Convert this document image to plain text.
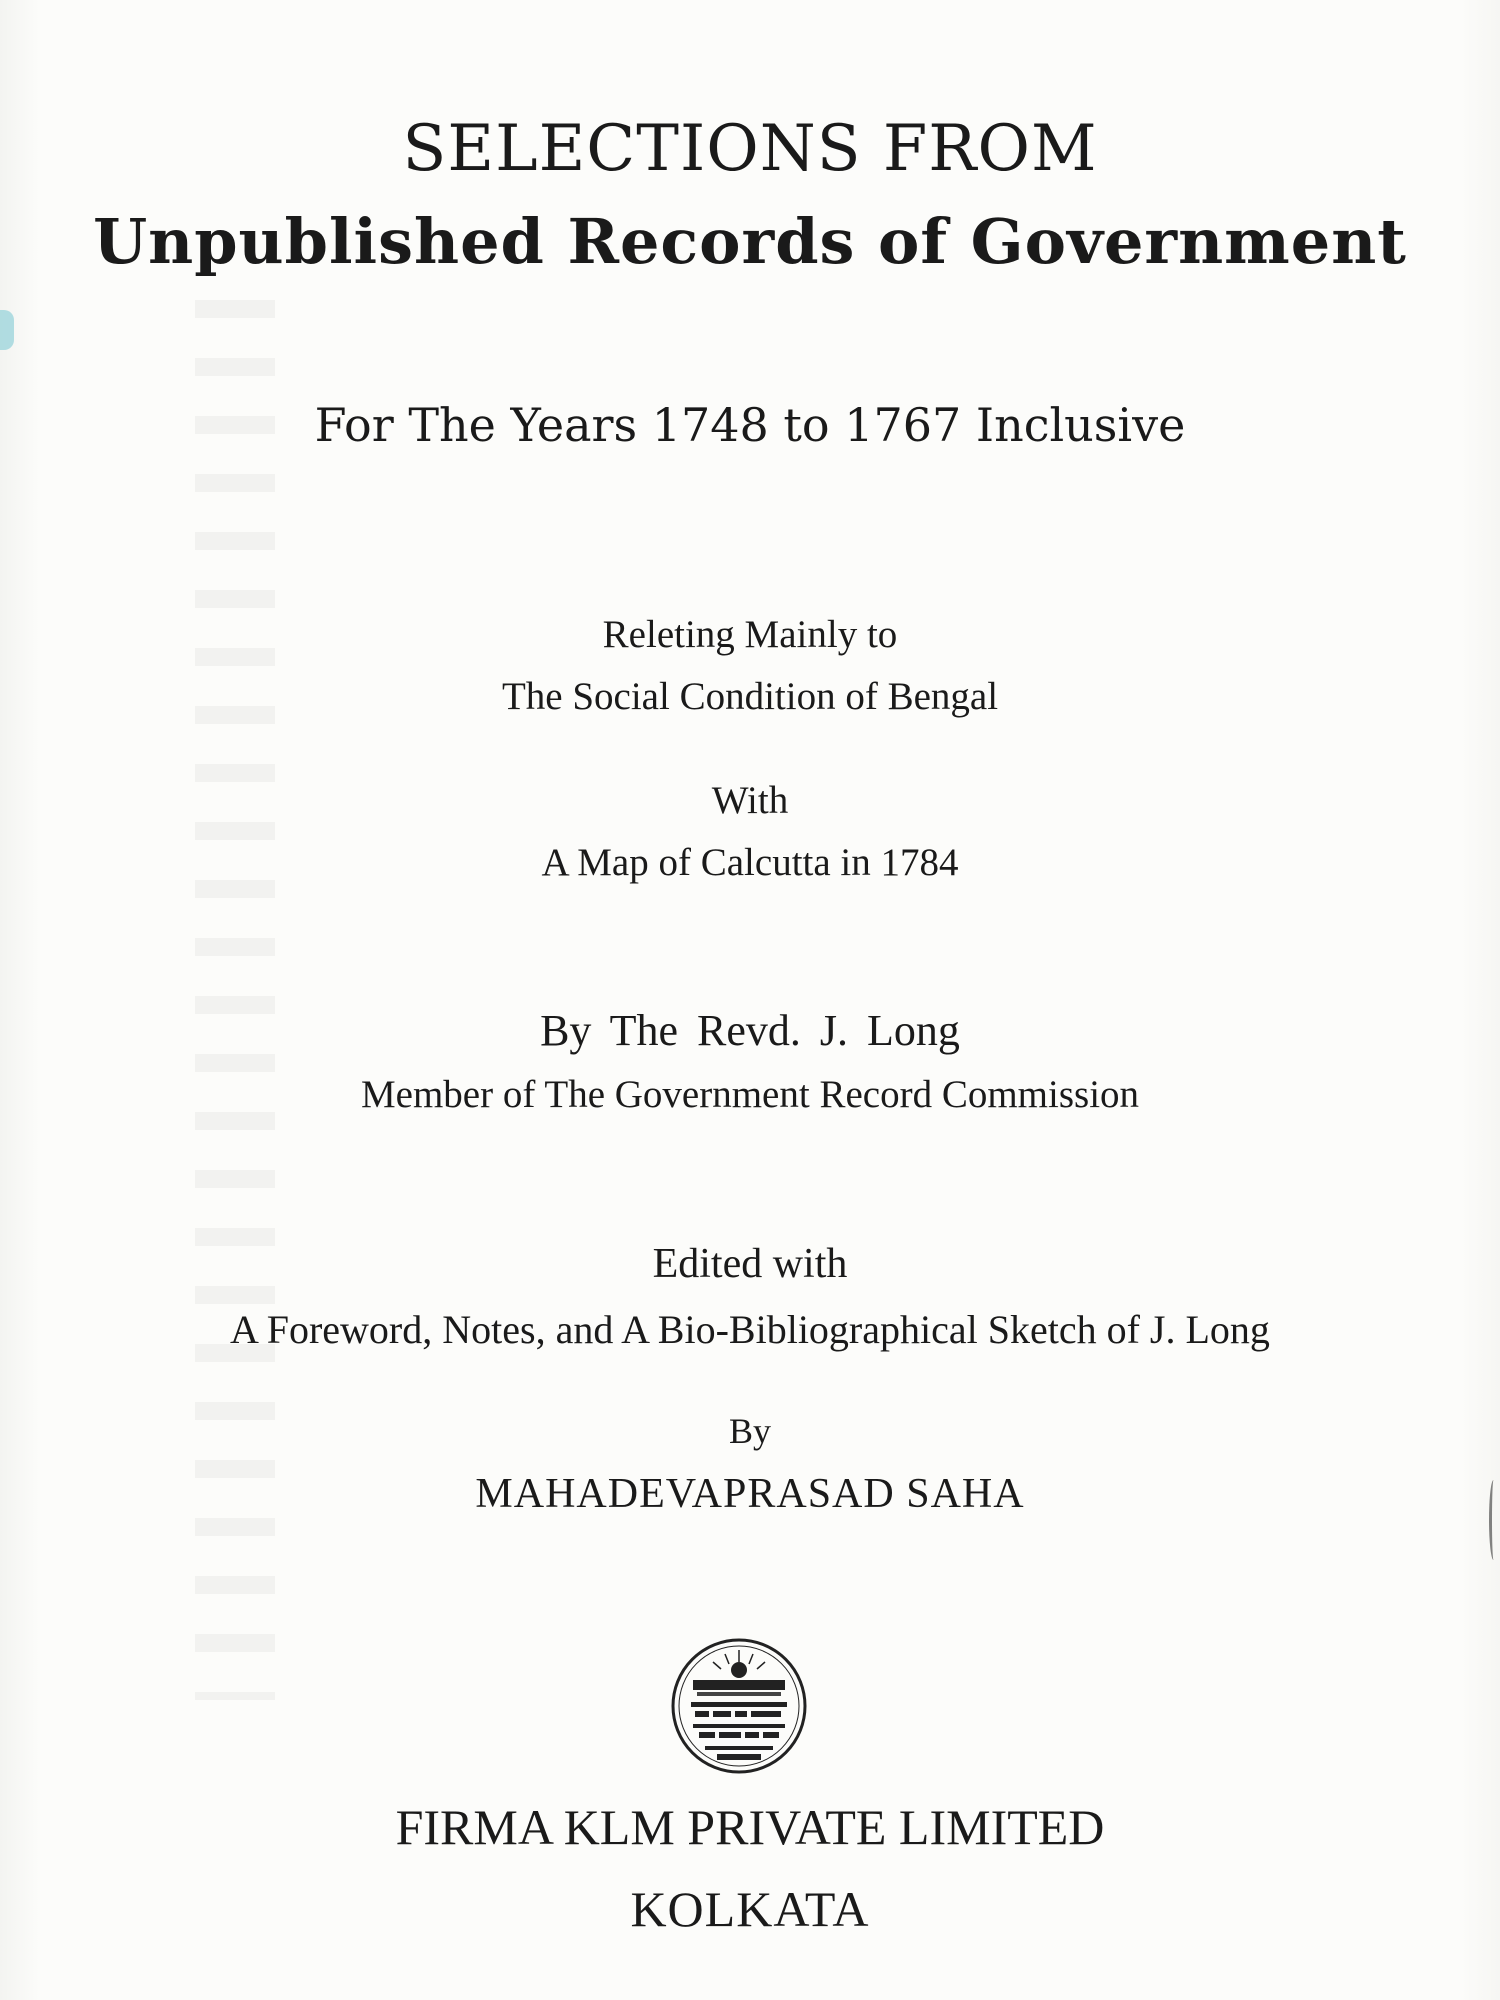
SELECTIONS FROM
Unpublished Records of Government
For The Years 1748 to 1767 Inclusive
Releting Mainly to
The Social Condition of Bengal
With
A Map of Calcutta in 1784
By The Revd. J. Long
Member of The Government Record Commission
Edited with
A Foreword, Notes, and A Bio-Bibliographical Sketch of J. Long
By
MAHADEVAPRASAD SAHA
FIRMA KLM PRIVATE LIMITED
KOLKATA
